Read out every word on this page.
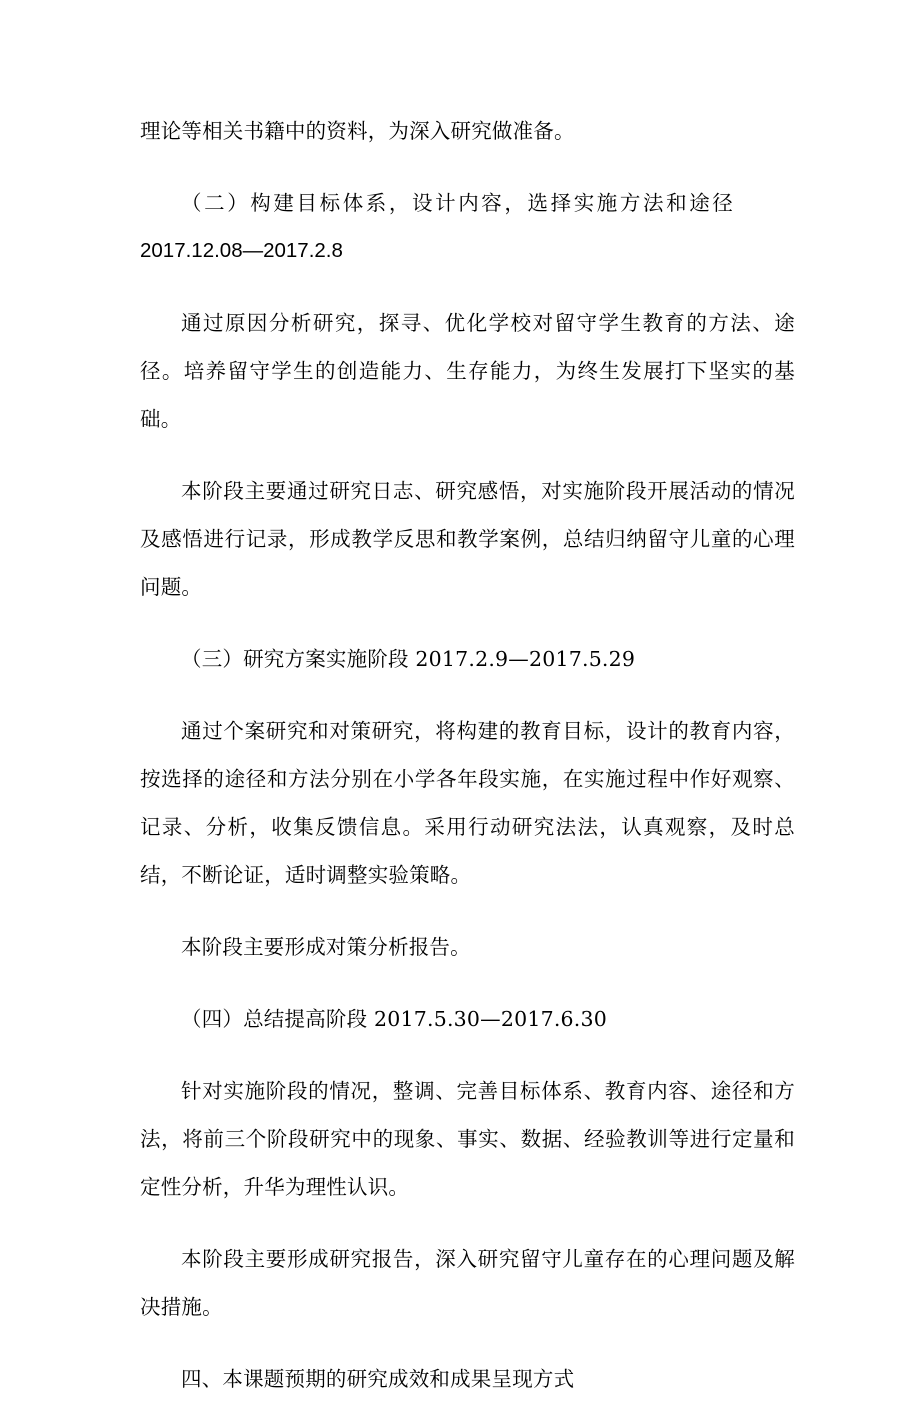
理论等相关书籍中的资料，为深入研究做准备。

（二）构建目标体系，设计内容，选择实施方法和途径

2017.12.08—2017.2.8

通过原因分析研究，探寻、优化学校对留守学生教育的方法、途径。培养留守学生的创造能力、生存能力，为终生发展打下坚实的基础。

本阶段主要通过研究日志、研究感悟，对实施阶段开展活动的情况及感悟进行记录，形成教学反思和教学案例，总结归纳留守儿童的心理问题。

（三）研究方案实施阶段 2017.2.9—2017.5.29

通过个案研究和对策研究，将构建的教育目标，设计的教育内容，按选择的途径和方法分别在小学各年段实施，在实施过程中作好观察、记录、分析，收集反馈信息。采用行动研究法法，认真观察，及时总结，不断论证，适时调整实验策略。

本阶段主要形成对策分析报告。

（四）总结提高阶段 2017.5.30—2017.6.30

针对实施阶段的情况，整调、完善目标体系、教育内容、途径和方法，将前三个阶段研究中的现象、事实、数据、经验教训等进行定量和定性分析，升华为理性认识。

本阶段主要形成研究报告，深入研究留守儿童存在的心理问题及解决措施。

四、本课题预期的研究成效和成果呈现方式
